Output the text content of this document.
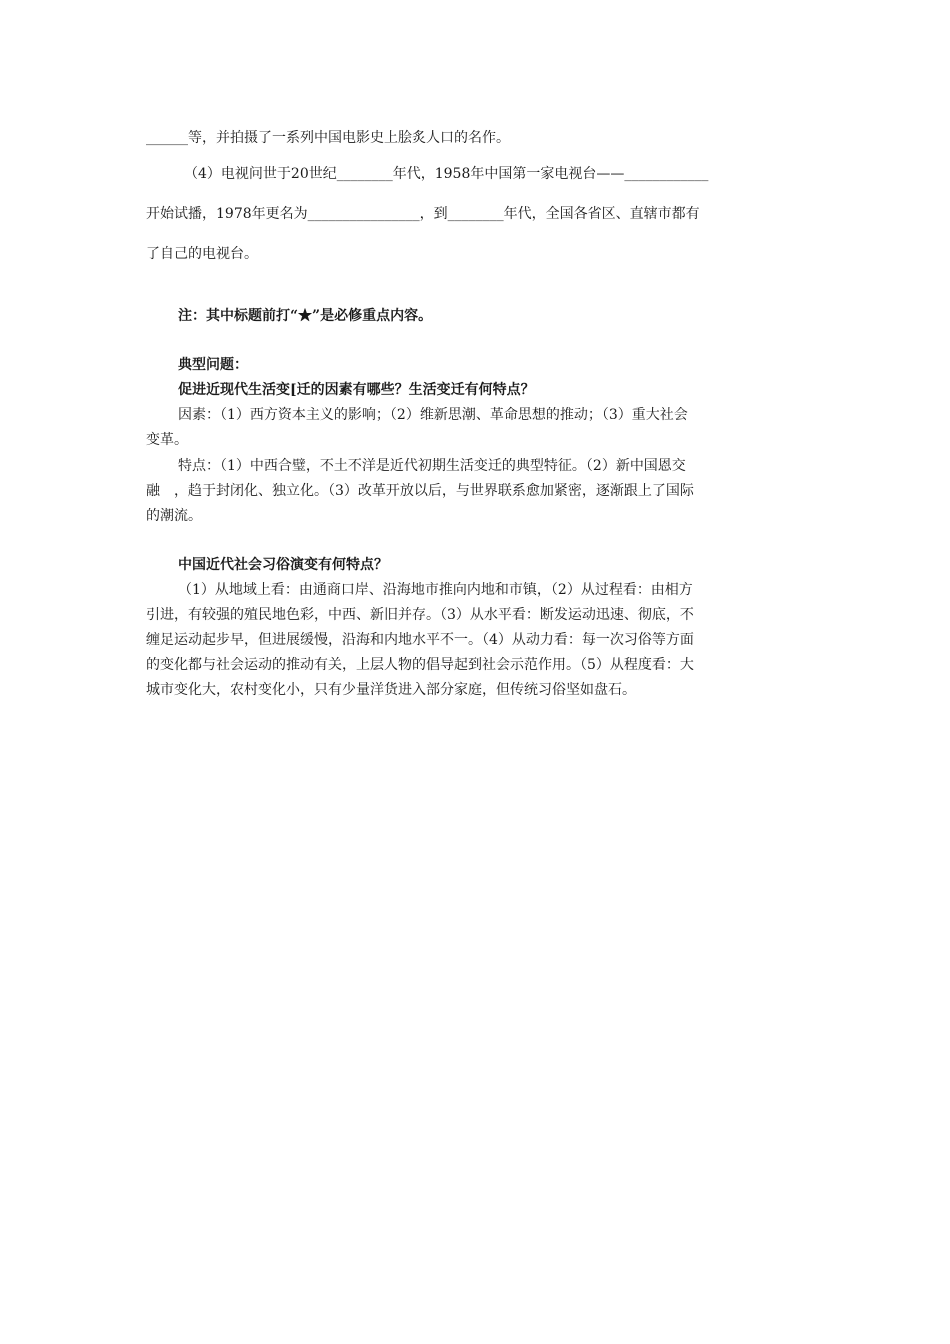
______等，并拍摄了一系列中国电影史上脍炙人口的名作。
（4）电视问世于20世纪________年代，1958年中国第一家电视台——____________
开始试播，1978年更名为________________，到________年代，全国各省区、直辖市都有
了自己的电视台。
注：其中标题前打“★”是必修重点内容。
典型问题：
促进近现代生活变[迁的因素有哪些？生活变迁有何特点？
因素：（1）西方资本主义的影响；（2）维新思潮、革命思想的推动；（3）重大社会
变革。
特点：（1）中西合璧，不土不洋是近代初期生活变迁的典型特征。（2）新中国恩交
融　，趋于封闭化、独立化。（3）改革开放以后，与世界联系愈加紧密，逐渐跟上了国际
的潮流。
中国近代社会习俗演变有何特点？
（1）从地域上看：由通商口岸、沿海地市推向内地和市镇，（2）从过程看：由相方
引进，有较强的殖民地色彩，中西、新旧并存。（3）从水平看：断发运动迅速、彻底，不
缠足运动起步早，但进展缓慢，沿海和内地水平不一。（4）从动力看：每一次习俗等方面
的变化都与社会运动的推动有关，上层人物的倡导起到社会示范作用。（5）从程度看：大
城市变化大，农村变化小，只有少量洋货进入部分家庭，但传统习俗坚如盘石。
